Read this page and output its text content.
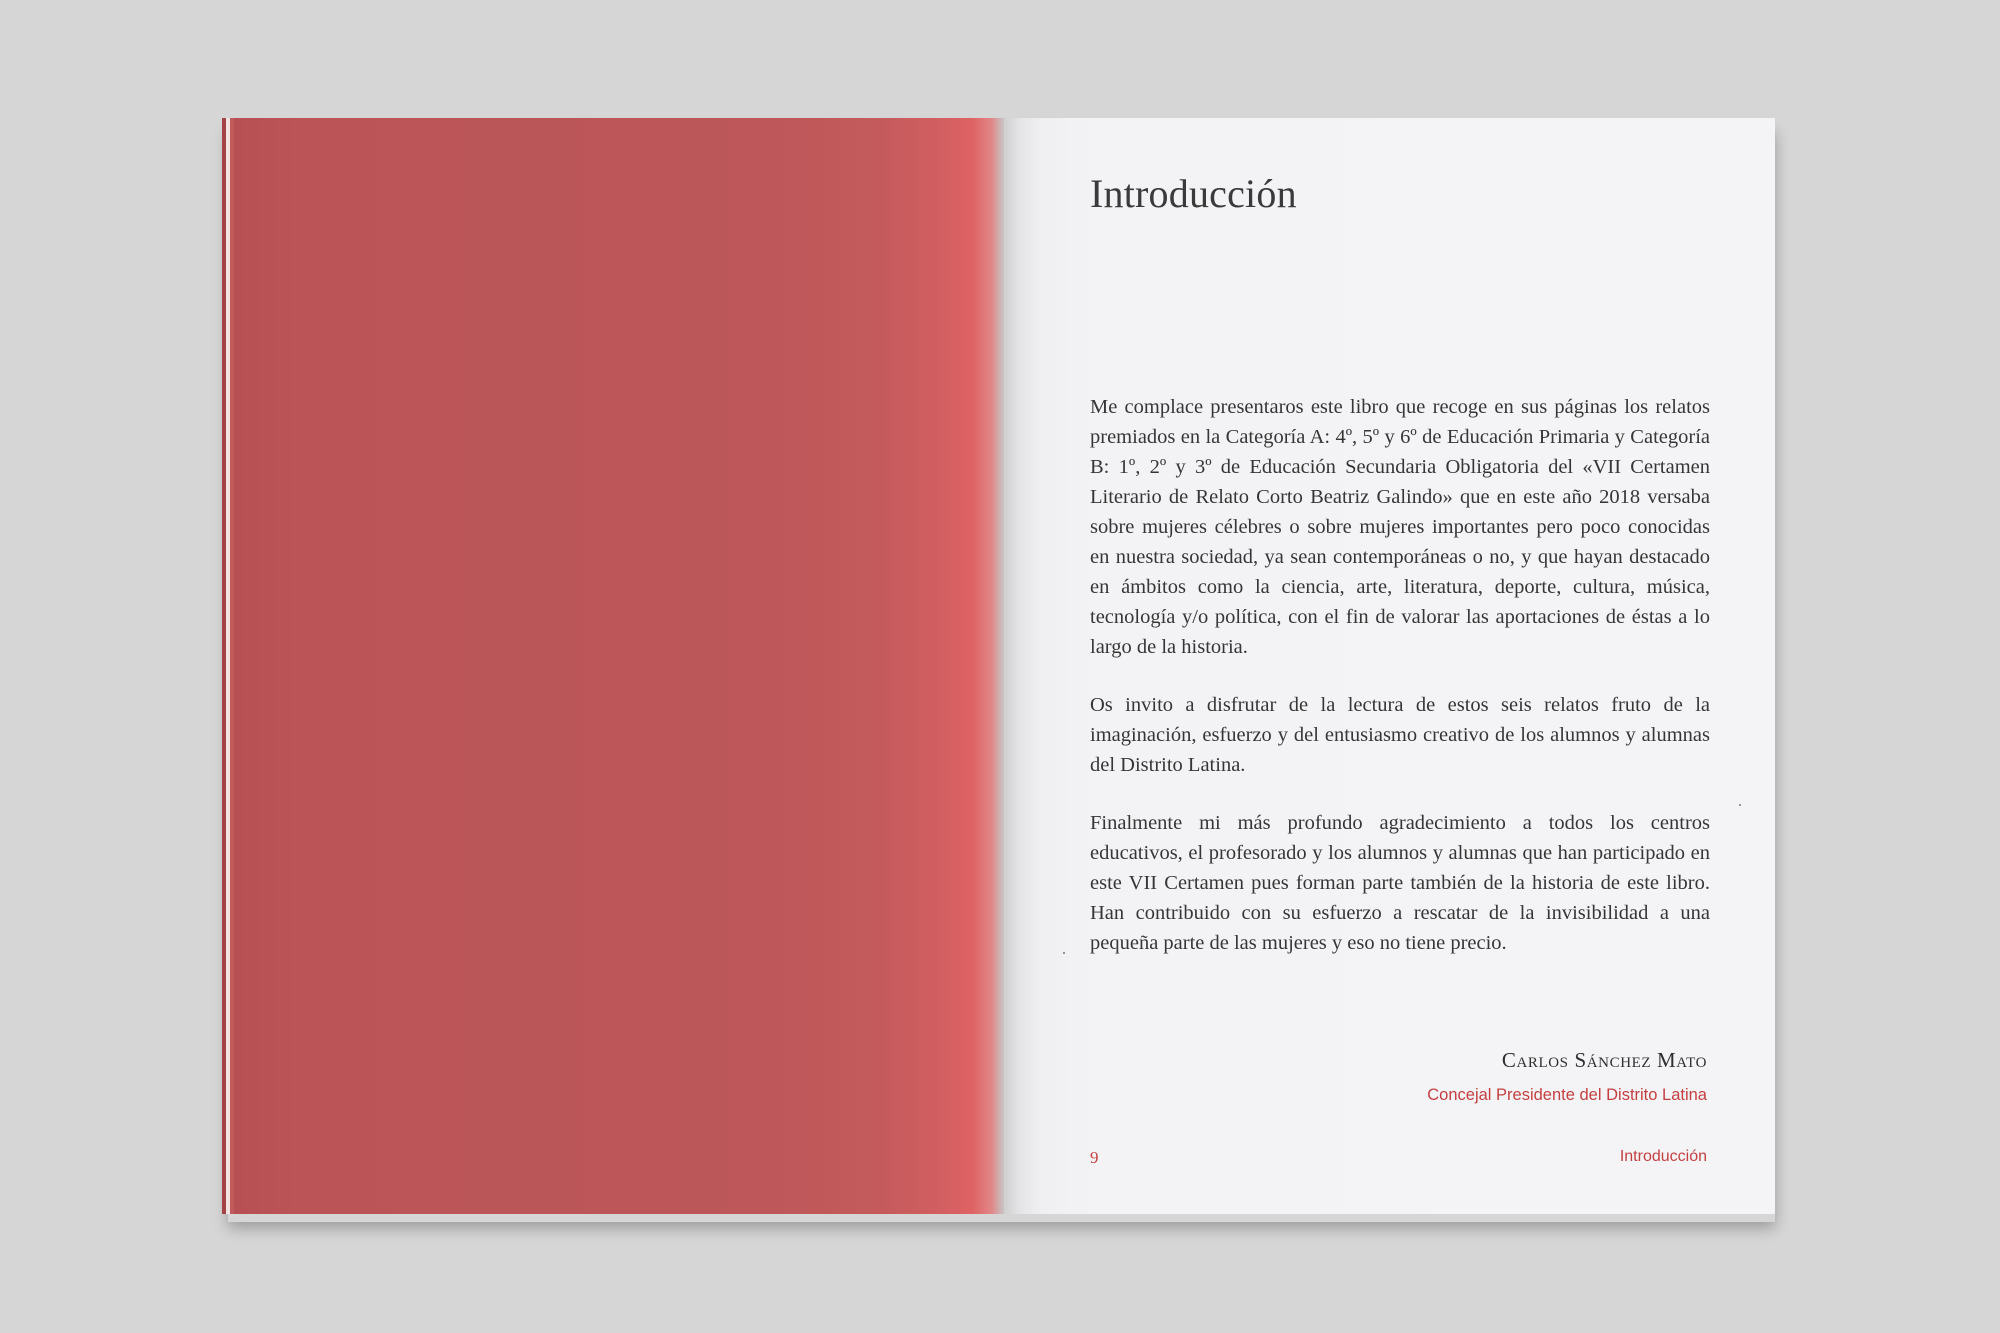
Introducción

Me complace presentaros este libro que recoge en sus páginas los relatos premiados en la Categoría A: 4º, 5º y 6º de Educación Primaria y Categoría B: 1º, 2º y 3º de Educación Secundaria Obligatoria del «VII Certamen Literario de Relato Corto Beatriz Galindo» que en este año 2018 versaba sobre mujeres célebres o sobre mujeres importantes pero poco conocidas en nuestra sociedad, ya sean contemporáneas o no, y que hayan destacado en ámbitos como la ciencia, arte, literatura, deporte, cultura, música, tecnología y/o política, con el fin de valorar las aportaciones de éstas a lo largo de la historia.

Os invito a disfrutar de la lectura de estos seis relatos fruto de la imaginación, esfuerzo y del entusiasmo creativo de los alumnos y alumnas del Distrito Latina.

Finalmente mi más profundo agradecimiento a todos los centros educativos, el profesorado y los alumnos y alumnas que han participado en este VII Certamen pues forman parte también de la historia de este libro. Han contribuido con su esfuerzo a rescatar de la invisibilidad a una pequeña parte de las mujeres y eso no tiene precio.

Carlos Sánchez Mato
Concejal Presidente del Distrito Latina
9	Introducción
